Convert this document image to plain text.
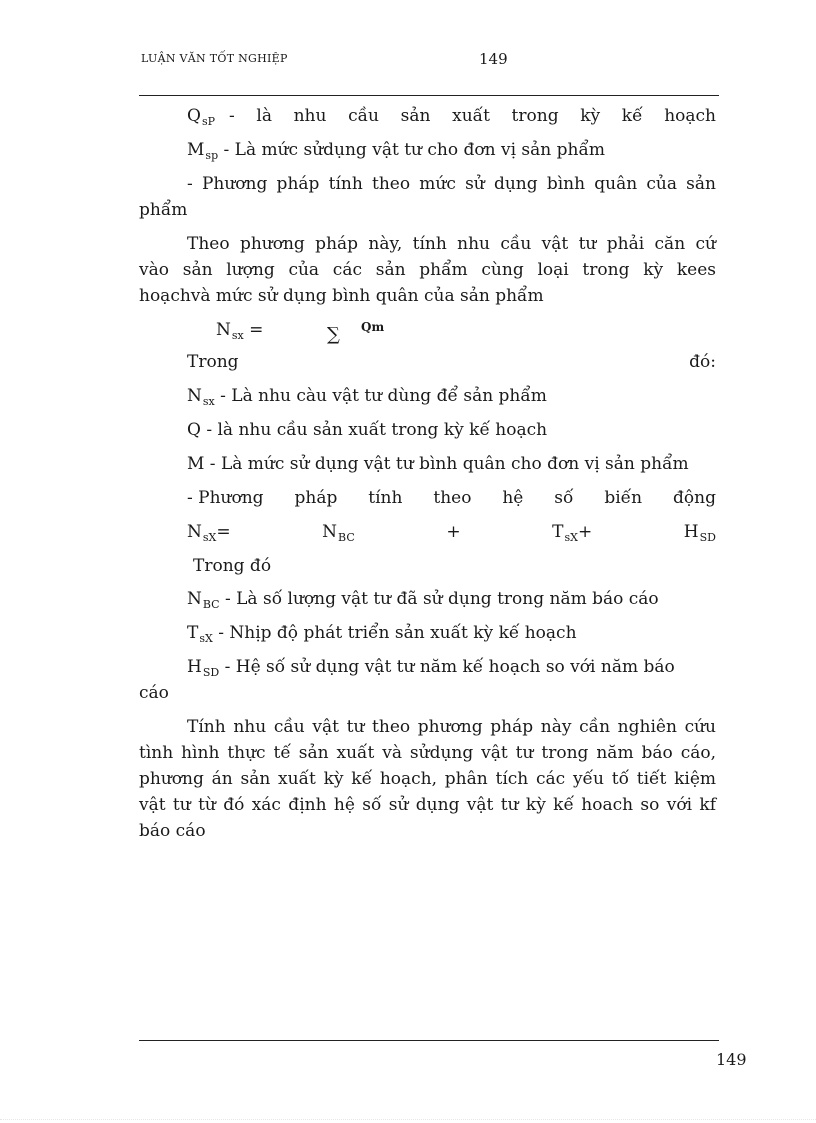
LUẬN VĂN TỐT NGHIỆP	149
$Q_{sP}$ - là nhu cầu sản xuất trong kỳ kế hoạch
$M_{sp}$ - Là mức sửdụng vật tư cho đơn vị sản phẩm
- Phương pháp tính theo mức sử dụng bình quân của sản
phẩm
Theo phương pháp này, tính nhu cầu vật tư phải căn cứ
vào sản lượng của các sản phẩm cùng loại trong kỳ kees
hoạchvà mức sử dụng bình quân của sản phẩm
$N_{sx}$ =	∑ Qm
Trong	đó:
$N_{sx}$ - Là nhu càu vật tư dùng để sản phẩm
Q - là nhu cầu sản xuất trong kỳ kế hoạch
M - Là mức sử dụng vật tư bình quân cho đơn vị sản phẩm
- Phương pháp tính theo hệ số biến động
$N_{sX}=$	$N_{BC}$	+	$T_{sX}+$	$H_{SD}$
Trong đó
$N_{BC}$ - Là số lượng vật tư đã sử dụng trong năm báo cáo
$T_{sX}$ - Nhịp độ phát triển sản xuất kỳ kế hoạch
$H_{SD}$ - Hệ số sử dụng vật tư năm kế hoạch so với năm báo
cáo
Tính nhu cầu vật tư theo phương pháp này cần nghiên cứu
tình hình thực tế sản xuất và sửdụng vật tư trong năm báo cáo,
phương án sản xuất kỳ kế hoạch, phân tích các yếu tố tiết kiệm
vật tư từ đó xác định hệ số sử dụng vật tư kỳ kế hoach so với kf
báo cáo
149
